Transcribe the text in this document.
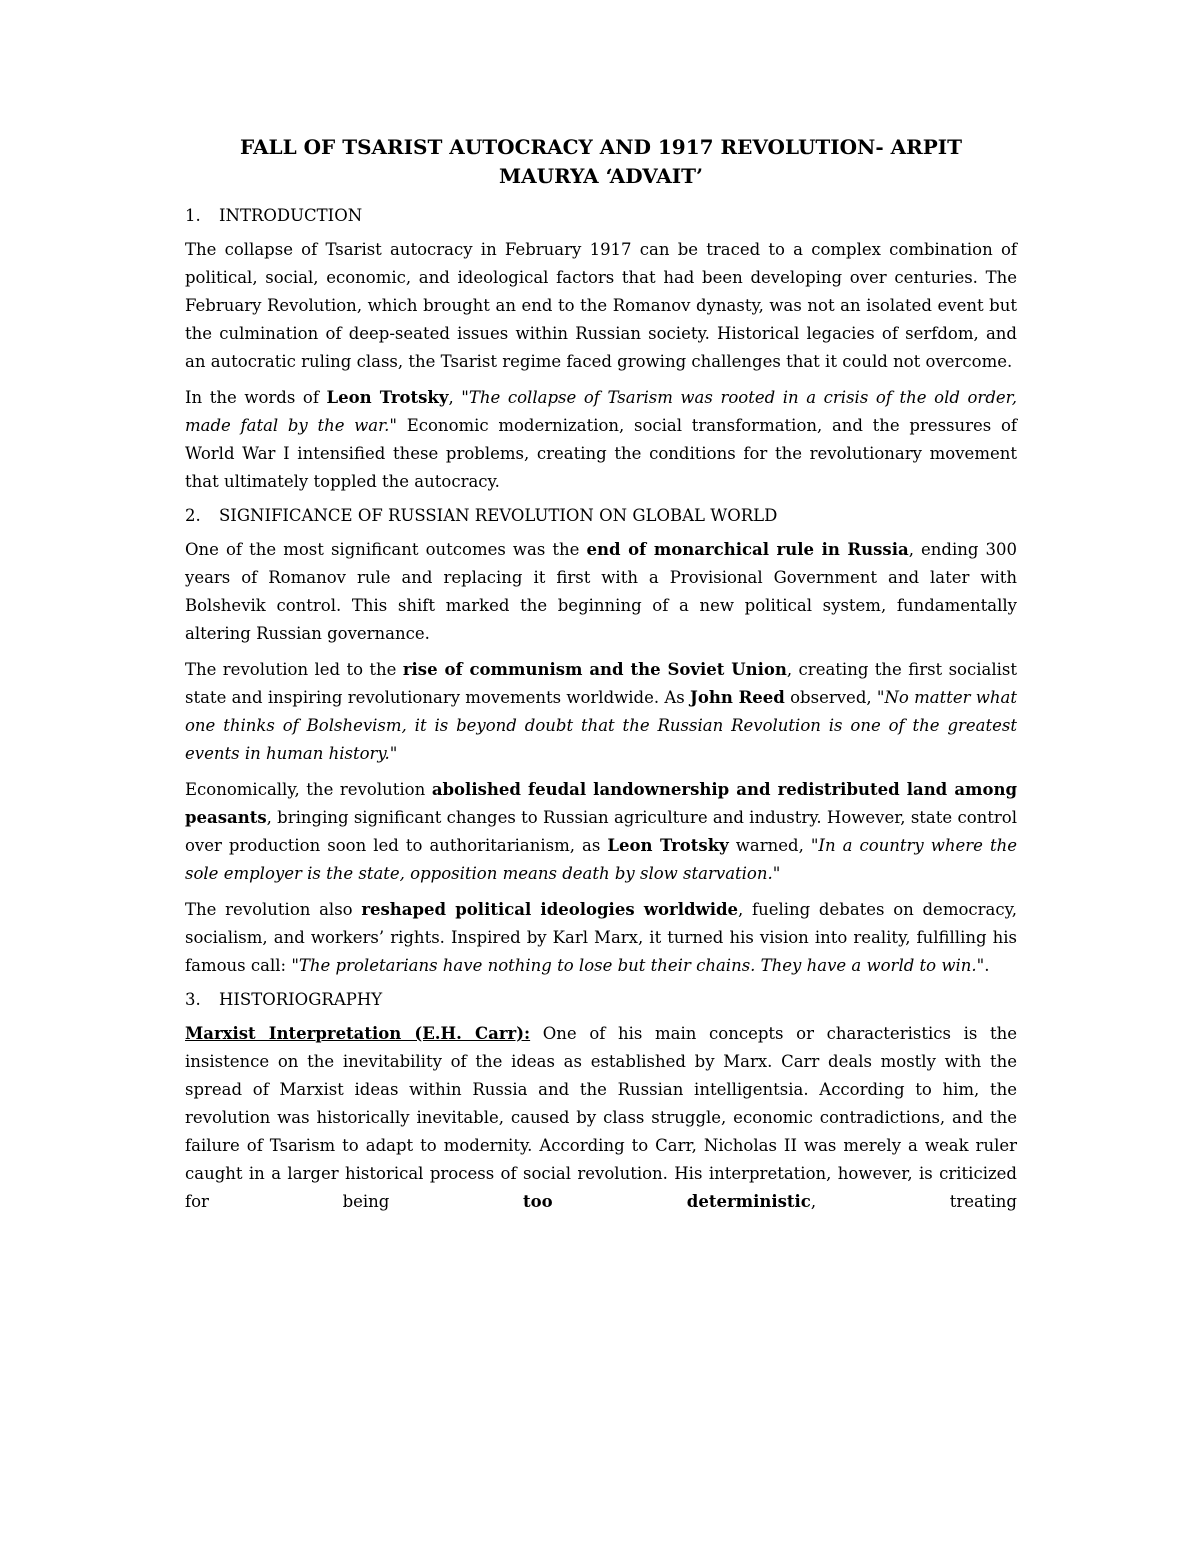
FALL OF TSARIST AUTOCRACY AND 1917 REVOLUTION- ARPIT
MAURYA ‘ADVAIT’
1.	INTRODUCTION

The collapse of Tsarist autocracy in February 1917 can be traced to a complex combination of political, social, economic, and ideological factors that had been developing over centuries. The February Revolution, which brought an end to the Romanov dynasty, was not an isolated event but the culmination of deep-seated issues within Russian society. Historical legacies of serfdom, and an autocratic ruling class, the Tsarist regime faced growing challenges that it could not overcome.

In the words of Leon Trotsky, "The collapse of Tsarism was rooted in a crisis of the old order, made fatal by the war." Economic modernization, social transformation, and the pressures of World War I intensified these problems, creating the conditions for the revolutionary movement that ultimately toppled the autocracy.

2.	SIGNIFICANCE OF RUSSIAN REVOLUTION ON GLOBAL WORLD

One of the most significant outcomes was the end of monarchical rule in Russia, ending 300 years of Romanov rule and replacing it first with a Provisional Government and later with Bolshevik control. This shift marked the beginning of a new political system, fundamentally altering Russian governance.

The revolution led to the rise of communism and the Soviet Union, creating the first socialist state and inspiring revolutionary movements worldwide. As John Reed observed, "No matter what one thinks of Bolshevism, it is beyond doubt that the Russian Revolution is one of the greatest events in human history."

Economically, the revolution abolished feudal landownership and redistributed land among peasants, bringing significant changes to Russian agriculture and industry. However, state control over production soon led to authoritarianism, as Leon Trotsky warned, "In a country where the sole employer is the state, opposition means death by slow starvation."

The revolution also reshaped political ideologies worldwide, fueling debates on democracy, socialism, and workers’ rights. Inspired by Karl Marx, it turned his vision into reality, fulfilling his famous call: "The proletarians have nothing to lose but their chains. They have a world to win.".

3.	HISTORIOGRAPHY

Marxist Interpretation (E.H. Carr): One of his main concepts or characteristics is the insistence on the inevitability of the ideas as established by Marx. Carr deals mostly with the spread of Marxist ideas within Russia and the Russian intelligentsia. According to him, the revolution was historically inevitable, caused by class struggle, economic contradictions, and the failure of Tsarism to adapt to modernity. According to Carr, Nicholas II was merely a weak ruler caught in a larger historical process of social revolution. His interpretation, however, is criticized for being too deterministic, treating
